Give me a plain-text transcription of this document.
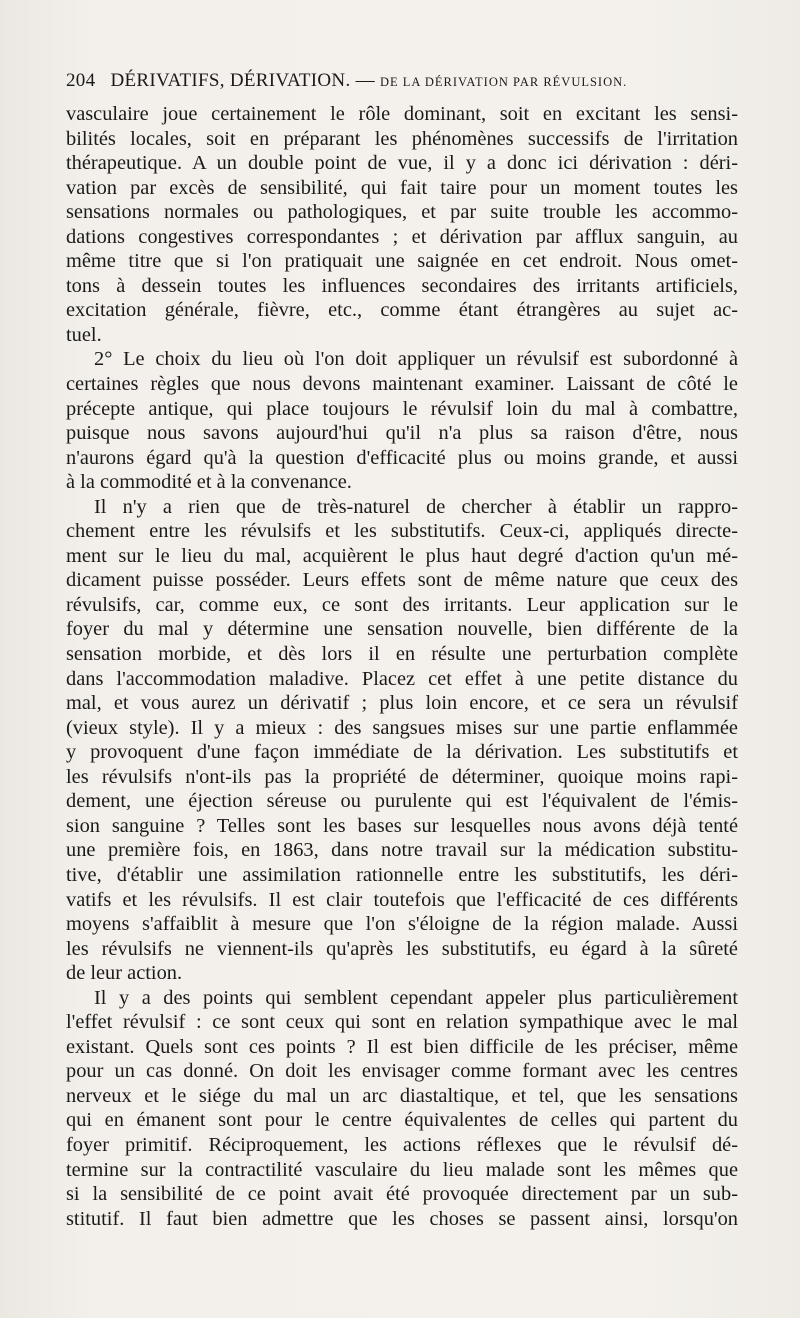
204 DÉRIVATIFS, DÉRIVATION. — DE LA DÉRIVATION PAR RÉVULSION.
vasculaire joue certainement le rôle dominant, soit en excitant les sensi-
bilités locales, soit en préparant les phénomènes successifs de l'irritation
thérapeutique. A un double point de vue, il y a donc ici dérivation : déri-
vation par excès de sensibilité, qui fait taire pour un moment toutes les
sensations normales ou pathologiques, et par suite trouble les accommo-
dations congestives correspondantes ; et dérivation par afflux sanguin, au
même titre que si l'on pratiquait une saignée en cet endroit. Nous omet-
tons à dessein toutes les influences secondaires des irritants artificiels,
excitation générale, fièvre, etc., comme étant étrangères au sujet ac-
tuel.
2° Le choix du lieu où l'on doit appliquer un révulsif est subordonné à
certaines règles que nous devons maintenant examiner. Laissant de côté le
précepte antique, qui place toujours le révulsif loin du mal à combattre,
puisque nous savons aujourd'hui qu'il n'a plus sa raison d'être, nous
n'aurons égard qu'à la question d'efficacité plus ou moins grande, et aussi
à la commodité et à la convenance.
Il n'y a rien que de très-naturel de chercher à établir un rappro-
chement entre les révulsifs et les substitutifs. Ceux-ci, appliqués directe-
ment sur le lieu du mal, acquièrent le plus haut degré d'action qu'un mé-
dicament puisse posséder. Leurs effets sont de même nature que ceux des
révulsifs, car, comme eux, ce sont des irritants. Leur application sur le
foyer du mal y détermine une sensation nouvelle, bien différente de la
sensation morbide, et dès lors il en résulte une perturbation complète
dans l'accommodation maladive. Placez cet effet à une petite distance du
mal, et vous aurez un dérivatif ; plus loin encore, et ce sera un révulsif
(vieux style). Il y a mieux : des sangsues mises sur une partie enflammée
y provoquent d'une façon immédiate de la dérivation. Les substitutifs et
les révulsifs n'ont-ils pas la propriété de déterminer, quoique moins rapi-
dement, une éjection séreuse ou purulente qui est l'équivalent de l'émis-
sion sanguine ? Telles sont les bases sur lesquelles nous avons déjà tenté
une première fois, en 1863, dans notre travail sur la médication substitu-
tive, d'établir une assimilation rationnelle entre les substitutifs, les déri-
vatifs et les révulsifs. Il est clair toutefois que l'efficacité de ces différents
moyens s'affaiblit à mesure que l'on s'éloigne de la région malade. Aussi
les révulsifs ne viennent-ils qu'après les substitutifs, eu égard à la sûreté
de leur action.
Il y a des points qui semblent cependant appeler plus particulièrement
l'effet révulsif : ce sont ceux qui sont en relation sympathique avec le mal
existant. Quels sont ces points ? Il est bien difficile de les préciser, même
pour un cas donné. On doit les envisager comme formant avec les centres
nerveux et le siége du mal un arc diastaltique, et tel, que les sensations
qui en émanent sont pour le centre équivalentes de celles qui partent du
foyer primitif. Réciproquement, les actions réflexes que le révulsif dé-
termine sur la contractilité vasculaire du lieu malade sont les mêmes que
si la sensibilité de ce point avait été provoquée directement par un sub-
stitutif. Il faut bien admettre que les choses se passent ainsi, lorsqu'on
